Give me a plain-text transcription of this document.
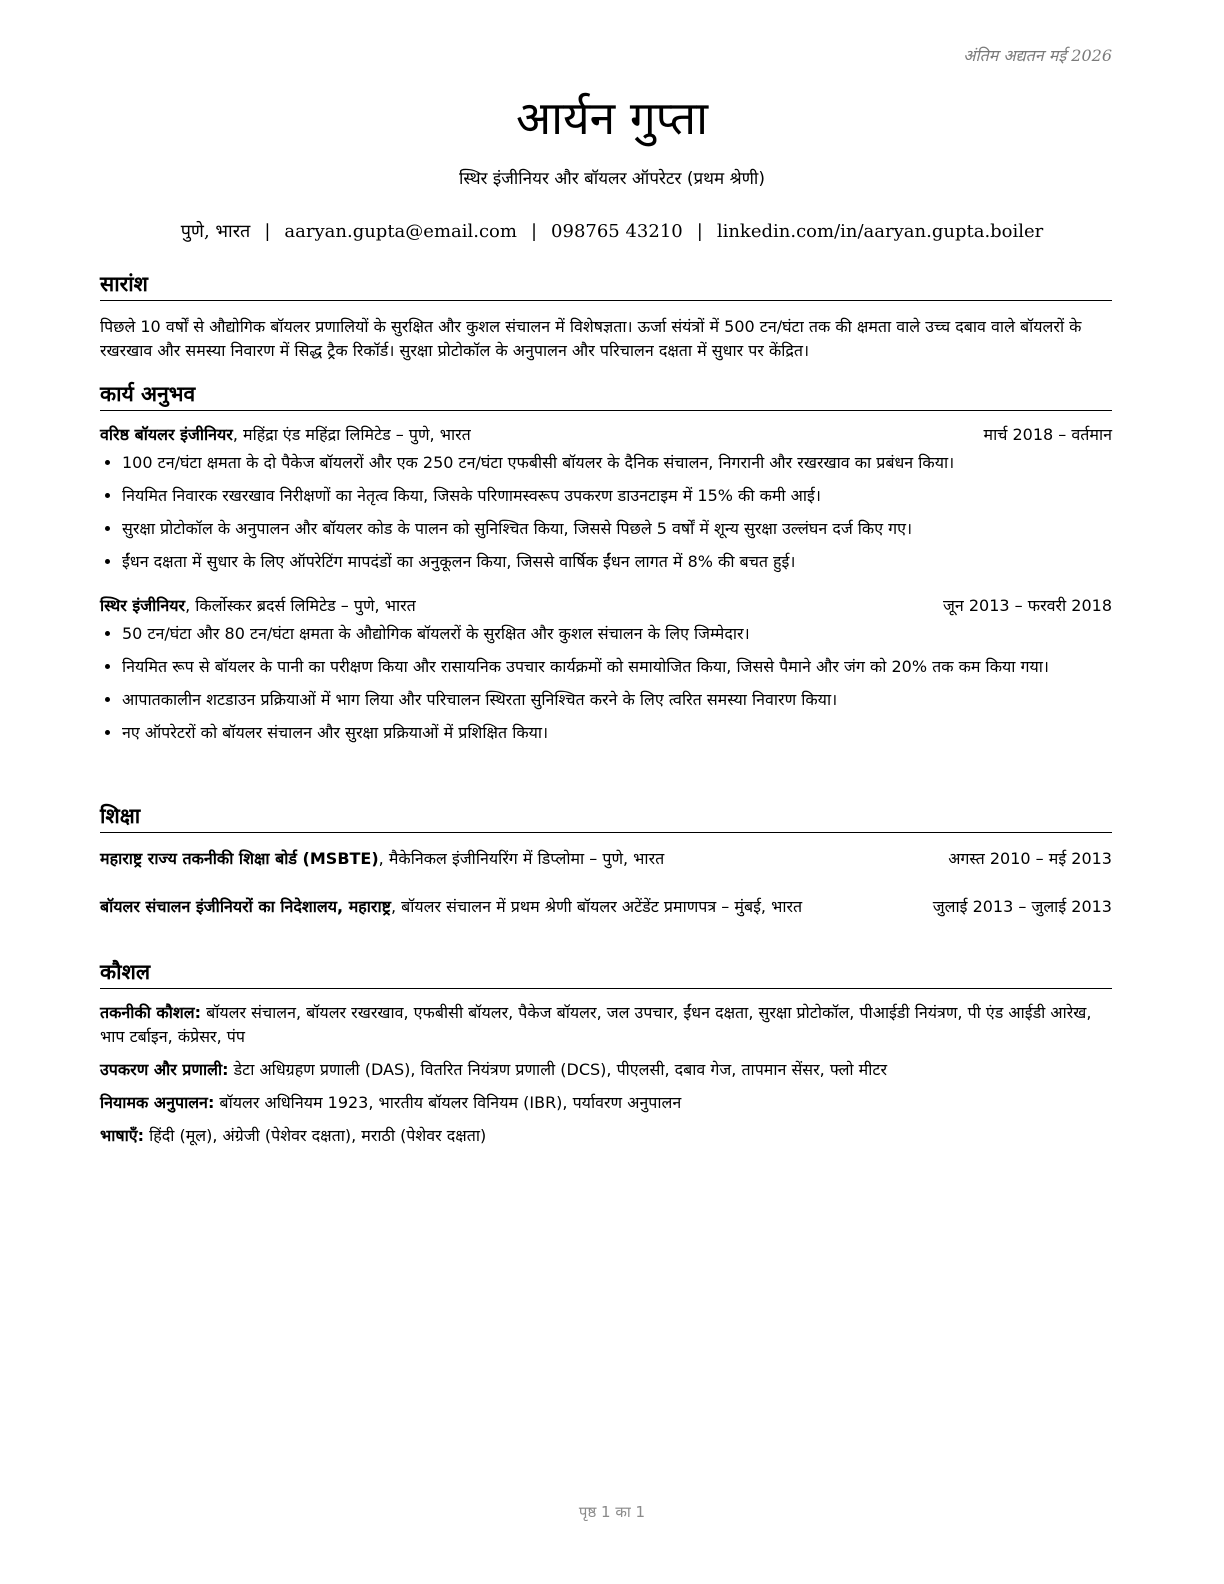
अंतिम अद्यतन मई 2026
आर्यन गुप्ता
स्थिर इंजीनियर और बॉयलर ऑपरेटर (प्रथम श्रेणी)
पुणे, भारत | aaryan.gupta@email.com | 098765 43210 | linkedin.com/in/aaryan.gupta.boiler
सारांश
पिछले 10 वर्षों से औद्योगिक बॉयलर प्रणालियों के सुरक्षित और कुशल संचालन में विशेषज्ञता। ऊर्जा संयंत्रों में 500 टन/घंटा तक की क्षमता वाले उच्च दबाव वाले बॉयलरों के रखरखाव और समस्या निवारण में सिद्ध ट्रैक रिकॉर्ड। सुरक्षा प्रोटोकॉल के अनुपालन और परिचालन दक्षता में सुधार पर केंद्रित।
कार्य अनुभव
वरिष्ठ बॉयलर इंजीनियर, महिंद्रा एंड महिंद्रा लिमिटेड – पुणे, भारत	मार्च 2018 – वर्तमान
• 100 टन/घंटा क्षमता के दो पैकेज बॉयलरों और एक 250 टन/घंटा एफबीसी बॉयलर के दैनिक संचालन, निगरानी और रखरखाव का प्रबंधन किया।
• नियमित निवारक रखरखाव निरीक्षणों का नेतृत्व किया, जिसके परिणामस्वरूप उपकरण डाउनटाइम में 15% की कमी आई।
• सुरक्षा प्रोटोकॉल के अनुपालन और बॉयलर कोड के पालन को सुनिश्चित किया, जिससे पिछले 5 वर्षों में शून्य सुरक्षा उल्लंघन दर्ज किए गए।
• ईंधन दक्षता में सुधार के लिए ऑपरेटिंग मापदंडों का अनुकूलन किया, जिससे वार्षिक ईंधन लागत में 8% की बचत हुई।
स्थिर इंजीनियर, किर्लोस्कर ब्रदर्स लिमिटेड – पुणे, भारत	जून 2013 – फरवरी 2018
• 50 टन/घंटा और 80 टन/घंटा क्षमता के औद्योगिक बॉयलरों के सुरक्षित और कुशल संचालन के लिए जिम्मेदार।
• नियमित रूप से बॉयलर के पानी का परीक्षण किया और रासायनिक उपचार कार्यक्रमों को समायोजित किया, जिससे पैमाने और जंग को 20% तक कम किया गया।
• आपातकालीन शटडाउन प्रक्रियाओं में भाग लिया और परिचालन स्थिरता सुनिश्चित करने के लिए त्वरित समस्या निवारण किया।
• नए ऑपरेटरों को बॉयलर संचालन और सुरक्षा प्रक्रियाओं में प्रशिक्षित किया।
शिक्षा
महाराष्ट्र राज्य तकनीकी शिक्षा बोर्ड (MSBTE), मैकेनिकल इंजीनियरिंग में डिप्लोमा – पुणे, भारत	अगस्त 2010 – मई 2013
बॉयलर संचालन इंजीनियरों का निदेशालय, महाराष्ट्र, बॉयलर संचालन में प्रथम श्रेणी बॉयलर अटेंडेंट प्रमाणपत्र – मुंबई, भारत	जुलाई 2013 – जुलाई 2013
कौशल
तकनीकी कौशल: बॉयलर संचालन, बॉयलर रखरखाव, एफबीसी बॉयलर, पैकेज बॉयलर, जल उपचार, ईंधन दक्षता, सुरक्षा प्रोटोकॉल, पीआईडी नियंत्रण, पी एंड आईडी आरेख, भाप टर्बाइन, कंप्रेसर, पंप
उपकरण और प्रणाली: डेटा अधिग्रहण प्रणाली (DAS), वितरित नियंत्रण प्रणाली (DCS), पीएलसी, दबाव गेज, तापमान सेंसर, फ्लो मीटर
नियामक अनुपालन: बॉयलर अधिनियम 1923, भारतीय बॉयलर विनियम (IBR), पर्यावरण अनुपालन
भाषाएँ: हिंदी (मूल), अंग्रेजी (पेशेवर दक्षता), मराठी (पेशेवर दक्षता)
पृष्ठ 1 का 1
